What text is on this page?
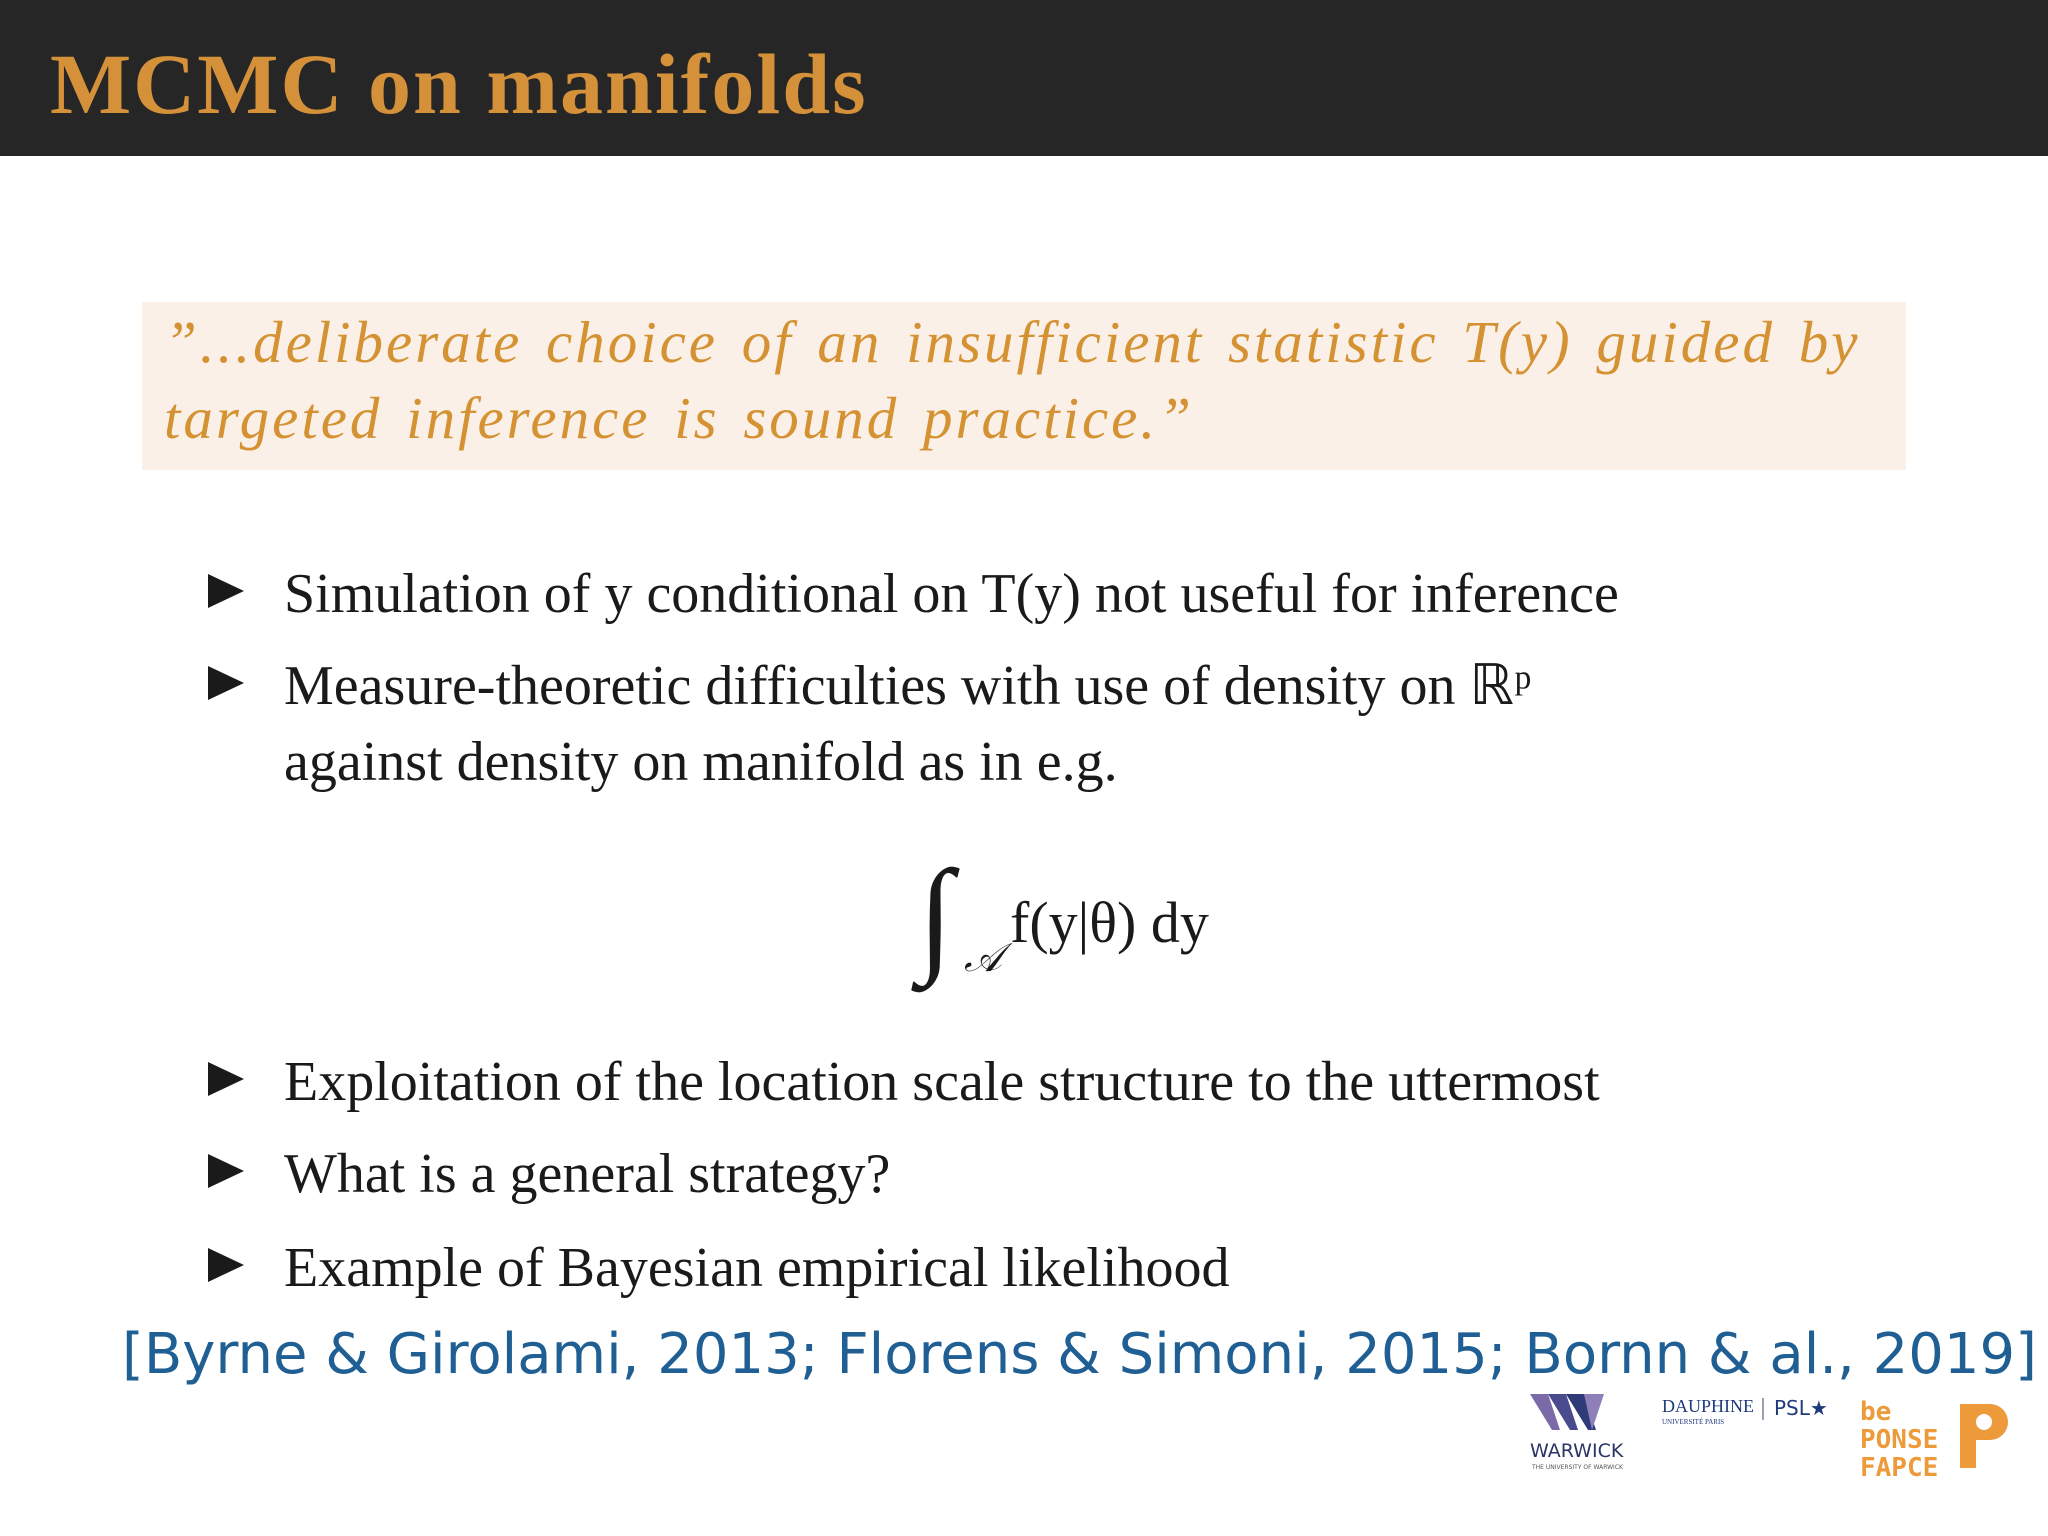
MCMC on manifolds
”...deliberate choice of an insufficient statistic T(y) guided by
targeted inference is sound practice.”
Simulation of y conditional on T(y) not useful for inference
Measure-theoretic difficulties with use of density on ℝᵖ
against density on manifold as in e.g.
∫ 𝒜
f(y|θ) dy
Exploitation of the location scale structure to the uttermost
What is a general strategy?
Example of Bayesian empirical likelihood
[Byrne & Girolami, 2013; Florens & Simoni, 2015; Bornn & al., 2019]
WARWICK
THE UNIVERSITY OF WARWICK
DAUPHINE
UNIVERSITÉ PARIS
PSL★ be
PONSE
FAPCE
